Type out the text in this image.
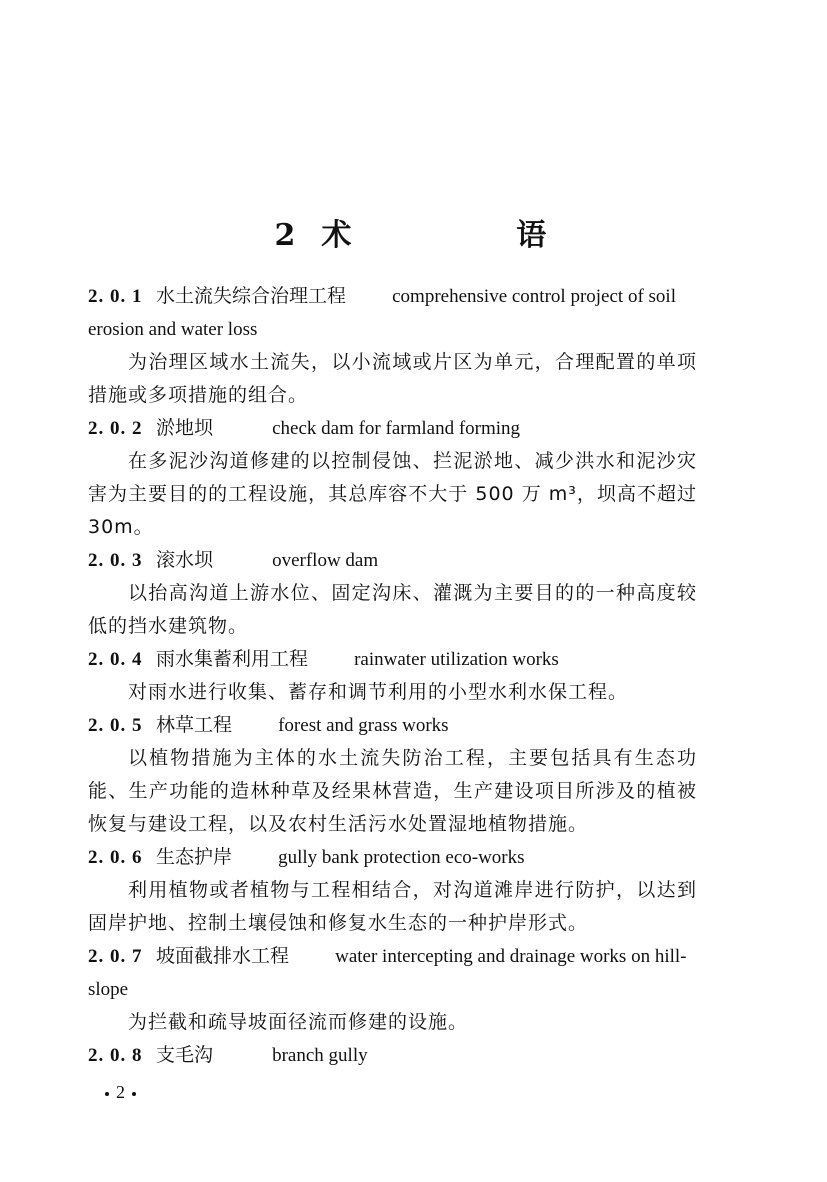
2 术  语

2. 0. 1 水土流失综合治理工程 comprehensive control project of soil erosion and water loss
为治理区域水土流失，以小流域或片区为单元，合理配置的单项措施或多项措施的组合。

2. 0. 2 淤地坝	check dam for farmland forming
在多泥沙沟道修建的以控制侵蚀、拦泥淤地、减少洪水和泥沙灾害为主要目的的工程设施，其总库容不大于 500 万 m³，坝高不超过 30m。

2. 0. 3 滚水坝	overflow dam
以抬高沟道上游水位、固定沟床、灌溉为主要目的的一种高度较低的挡水建筑物。

2. 0. 4 雨水集蓄利用工程 rainwater utilization works
对雨水进行收集、蓄存和调节利用的小型水利水保工程。

2. 0. 5 林草工程 forest and grass works
以植物措施为主体的水土流失防治工程，主要包括具有生态功能、生产功能的造林种草及经果林营造，生产建设项目所涉及的植被恢复与建设工程，以及农村生活污水处置湿地植物措施。

2. 0. 6 生态护岸 gully bank protection eco-works
利用植物或者植物与工程相结合，对沟道滩岸进行防护，以达到固岸护地、控制土壤侵蚀和修复水生态的一种护岸形式。

2. 0. 7 坡面截排水工程 water intercepting and drainage works on hill-slope
为拦截和疏导坡面径流而修建的设施。

2. 0. 8 支毛沟	branch gully

2
